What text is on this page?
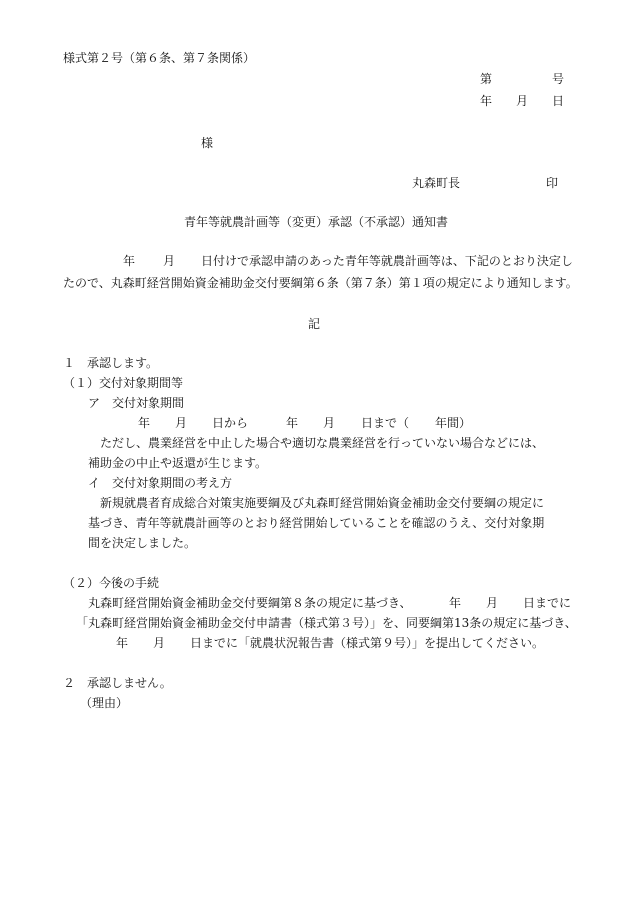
様式第２号（第６条、第７条関係）
第	号
年 月 日
様
丸森町長	印
青年等就農計画等（変更）承認（不承認）通知書
年 月 日付けで承認申請のあった青年等就農計画等は、下記のとおり決定し
たので、丸森町経営開始資金補助金交付要綱第６条（第７条）第１項の規定により通知します。
記
１　承認します。
（１）交付対象期間等
ア　交付対象期間
年 月 日から	年 月 日まで（ 年間）
ただし、農業経営を中止した場合や適切な農業経営を行っていない場合などには、
補助金の中止や返還が生じます。
イ　交付対象期間の考え方
新規就農者育成総合対策実施要綱及び丸森町経営開始資金補助金交付要綱の規定に
基づき、青年等就農計画等のとおり経営開始していることを確認のうえ、交付対象期
間を決定しました。
（２）今後の手続
丸森町経営開始資金補助金交付要綱第８条の規定に基づき、	年 月 日までに
「丸森町経営開始資金補助金交付申請書（様式第３号）」を、同要綱第13条の規定に基づき、
年 月 日までに「就農状況報告書（様式第９号）」を提出してください。
２　承認しません。
（理由）
